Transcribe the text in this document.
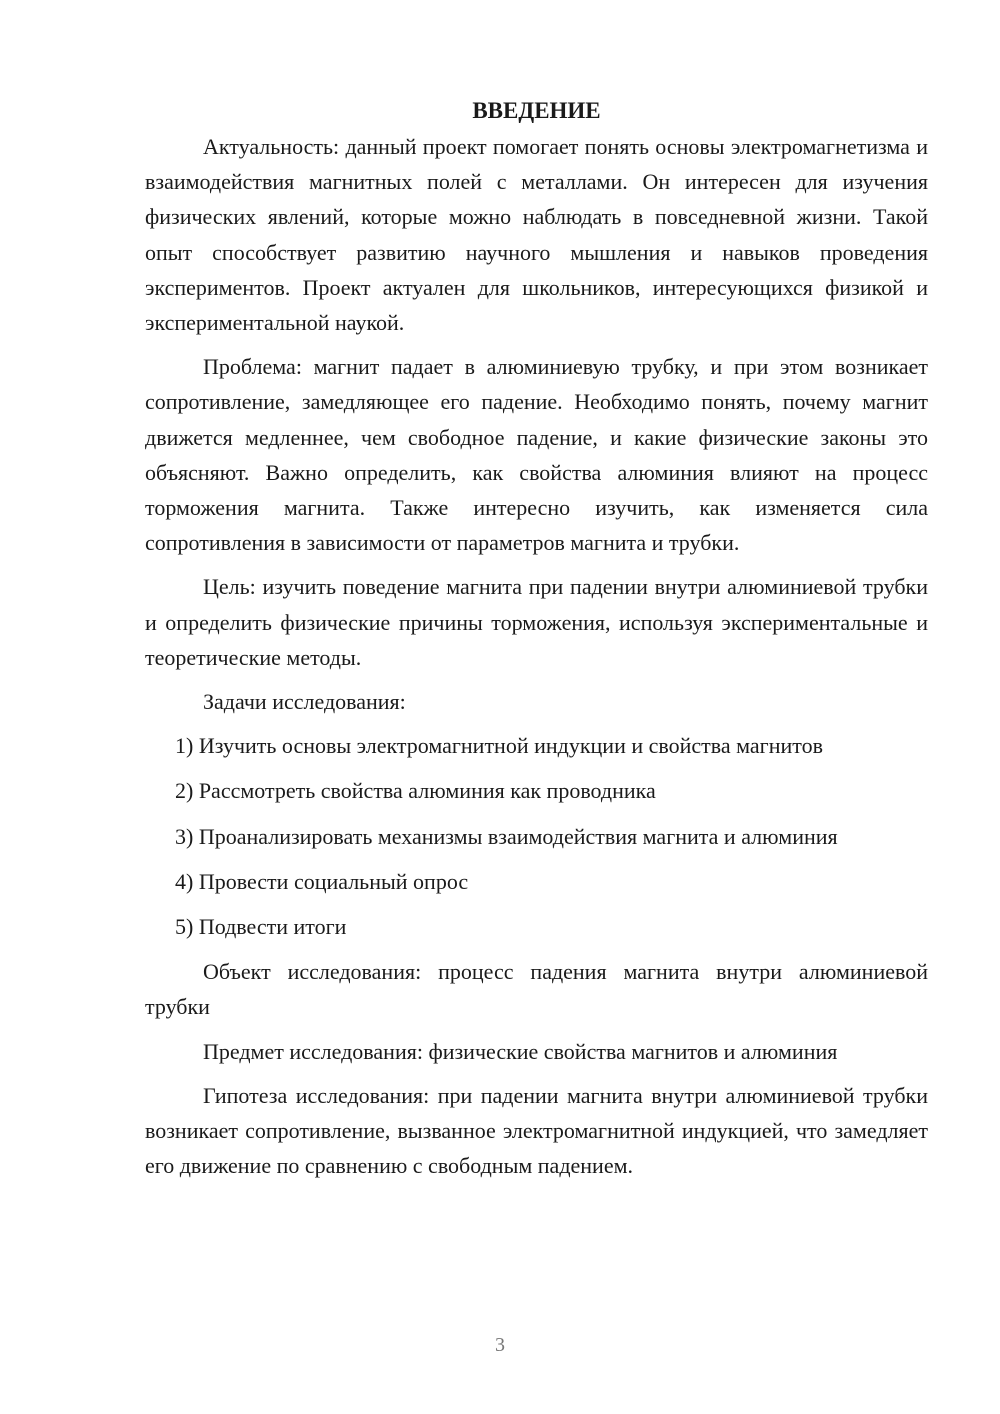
ВВЕДЕНИЕ

Актуальность: данный проект помогает понять основы электромагнетизма и взаимодействия магнитных полей с металлами. Он интересен для изучения физических явлений, которые можно наблюдать в повседневной жизни. Такой опыт способствует развитию научного мышления и навыков проведения экспериментов. Проект актуален для школьников, интересующихся физикой и экспериментальной наукой.

Проблема: магнит падает в алюминиевую трубку, и при этом возникает сопротивление, замедляющее его падение. Необходимо понять, почему магнит движется медленнее, чем свободное падение, и какие физические законы это объясняют. Важно определить, как свойства алюминия влияют на процесс торможения магнита. Также интересно изучить, как изменяется сила сопротивления в зависимости от параметров магнита и трубки.

Цель: изучить поведение магнита при падении внутри алюминиевой трубки и определить физические причины торможения, используя экспериментальные и теоретические методы.

Задачи исследования:

1) Изучить основы электромагнитной индукции и свойства магнитов

2) Рассмотреть свойства алюминия как проводника

3) Проанализировать механизмы взаимодействия магнита и алюминия

4) Провести социальный опрос

5) Подвести итоги

Объект исследования: процесс падения магнита внутри алюминиевой трубки

Предмет исследования: физические свойства магнитов и алюминия

Гипотеза исследования: при падении магнита внутри алюминиевой трубки возникает сопротивление, вызванное электромагнитной индукцией, что замедляет его движение по сравнению с свободным падением.

3
